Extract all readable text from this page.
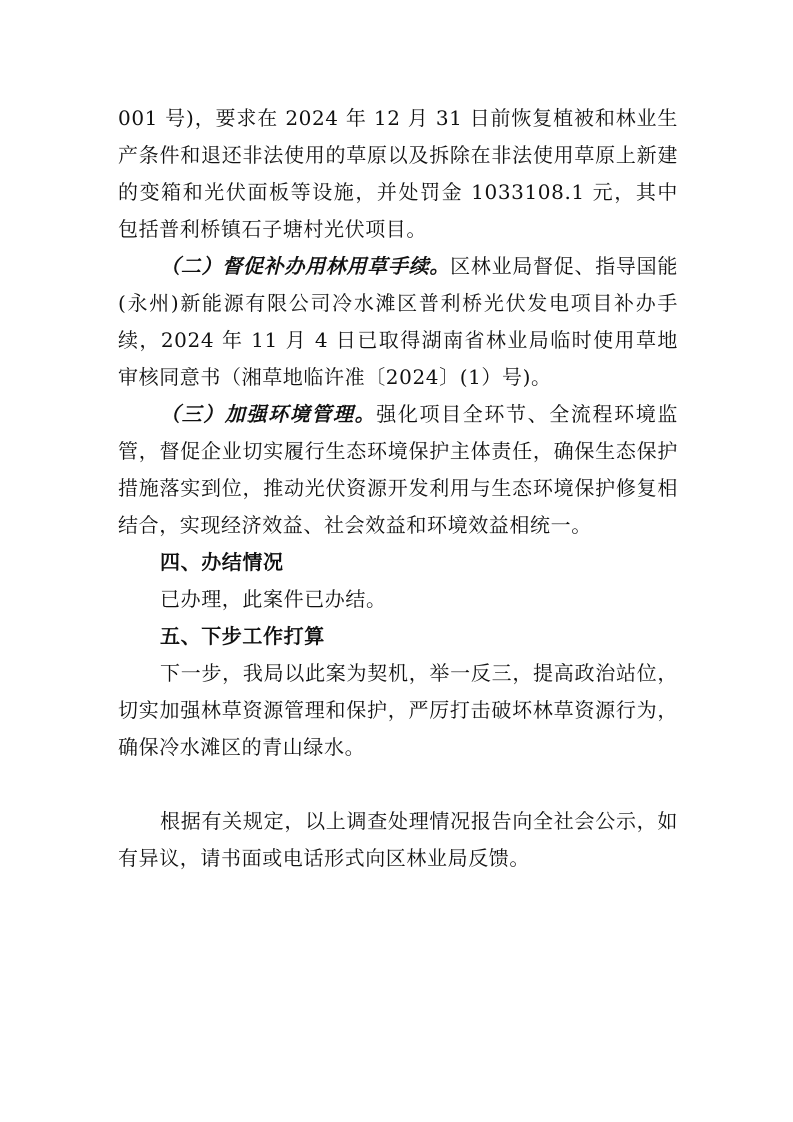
001 号)，要求在 2024 年 12 月 31 日前恢复植被和林业生产条件和退还非法使用的草原以及拆除在非法使用草原上新建的变箱和光伏面板等设施，并处罚金 1033108.1 元，其中包括普利桥镇石子塘村光伏项目。

（二）督促补办用林用草手续。区林业局督促、指导国能(永州)新能源有限公司冷水滩区普利桥光伏发电项目补办手续，2024 年 11 月 4 日已取得湖南省林业局临时使用草地审核同意书（湘草地临许准〔2024〕(1）号)。

（三）加强环境管理。强化项目全环节、全流程环境监管，督促企业切实履行生态环境保护主体责任，确保生态保护措施落实到位，推动光伏资源开发利用与生态环境保护修复相结合，实现经济效益、社会效益和环境效益相统一。

四、办结情况

已办理，此案件已办结。

五、下步工作打算

下一步，我局以此案为契机，举一反三，提高政治站位，切实加强林草资源管理和保护，严厉打击破坏林草资源行为，确保冷水滩区的青山绿水。

根据有关规定，以上调查处理情况报告向全社会公示，如有异议，请书面或电话形式向区林业局反馈。
